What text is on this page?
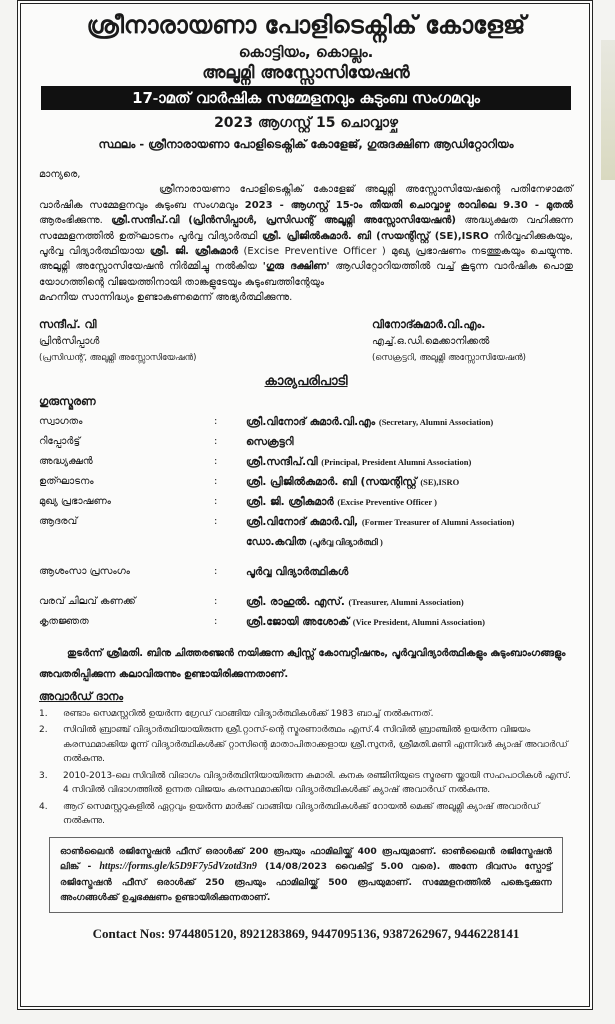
ശ്രീനാരായണാ പോളിടെക്നിക് കോളേജ്
കൊട്ടിയം, കൊല്ലം.
അലൂമ്നി അസ്സോസിയേഷൻ
17-ാമത് വാർഷിക സമ്മേളനവും കുടുംബ സംഗമവും
2023 ആഗസ്റ്റ് 15 ചൊവ്വാഴ്ച
സ്ഥലം - ശ്രീനാരായണാ പോളിടെക്നിക് കോളേജ്, ഗുരുദക്ഷിണ ആഡിറ്റോറിയം
മാന്യരെ,
ശ്രീനാരായണാ പോളിടെക്നിക് കോളേജ് അലൂമ്നി അസ്സോസിയേഷന്റെ പതിനേഴാമത് വാർഷിക സമ്മേളനവും കുടുംബ സംഗമവും 2023 - ആഗസ്റ്റ് 15-ാം തീയതി ചൊവ്വാഴ്ച രാവിലെ 9.30 - മുതൽ ആരംഭിക്കുന്നു. ശ്രീ.സന്ദീപ്.വി (പ്രിൻസിപ്പാൾ, പ്രസിഡന്റ് അലൂമ്നി അസ്സോസിയേഷൻ) അദ്ധ്യക്ഷത വഹിക്കുന്ന സമ്മേളനത്തിൽ ഉത്ഘാടനം പൂർവ്വ വിദ്യാർത്ഥി ശ്രീ. പ്രിജിൽകുമാർ. ബി (സയന്റിസ്റ്റ് (SE),ISRO നിർവ്വഹിക്കുകയും, പൂർവ്വ വിദ്യാർത്ഥിയായ ശ്രീ. ജി. ശ്രീകുമാർ (Excise Preventive Officer ) മുഖ്യ പ്രഭാഷണം നടത്തുകയും ചെയ്യുന്നു. അലൂമ്നി അസ്സോസിയേഷൻ നിർമ്മിച്ചു നൽകിയ 'ഗുരു ദക്ഷിണ' ആഡിറ്റോറിയത്തിൽ വച്ച് കൂടുന്ന വാർഷിക പൊതു യോഗത്തിന്റെ വിജയത്തിനായി താങ്കളുടേയും കുടുംബത്തിന്റേയും
മഹനീയ സാന്നിദ്ധ്യം ഉണ്ടാകണമെന്ന് അഭ്യർത്ഥിക്കുന്നു.
സന്ദീപ്. വി
പ്രിൻസിപ്പാൾ
(പ്രസിഡന്റ്, അലൂമ്നി അസ്സോസിയേഷൻ)
വിനോദ്കുമാർ.വി.എം.
എച്ച്.ഒ.ഡി.മെക്കാനിക്കൽ
(സെക്രട്ടറി, അലൂമ്നി അസ്സോസിയേഷൻ)
കാര്യപരിപാടി
ഗുരുസ്മരണ
സ്വാഗതം	:	ശ്രീ.വിനോദ് കുമാർ.വി.എം (Secretary, Alumni Association)
റിപ്പോർട്ട്	:	സെക്രട്ടറി
അദ്ധ്യക്ഷൻ	:	ശ്രീ.സന്ദീപ്.വി (Principal, President Alumni Association)
ഉത്ഘാടനം	:	ശ്രീ. പ്രിജിൽകുമാർ. ബി (സയന്റിസ്റ്റ് (SE),ISRO
മുഖ്യ പ്രഭാഷണം	:	ശ്രീ. ജി. ശ്രീകുമാർ (Excise Preventive Officer )
ആദരവ്	:	ശ്രീ.വിനോദ് കുമാർ.വി, (Former Treasurer of Alumni Association)
ഡോ.കവിത (പൂർവ്വ വിദ്യാർത്ഥി )
ആശംസാ പ്രസംഗം	:	പൂർവ്വ വിദ്യാർത്ഥികൾ
വരവ് ചിലവ് കണക്ക്	:	ശ്രീ. രാഹുൽ. എസ്. (Treasurer, Alumni Association)
കൃതജ്ഞത	:	ശ്രീ.ജോയി അശോക് (Vice President, Alumni Association)
തുടർന്ന് ശ്രീമതി. ബിനു ചിത്തരഞ്ജൻ നയിക്കുന്ന ക്വിസ്സ് കോമ്പറ്റീഷനും, പൂർവ്വവിദ്യാർത്ഥികളും കുടുംബാംഗങ്ങളും അവതരിപ്പിക്കുന്ന കലാവിരുന്നും ഉണ്ടായിരിക്കുന്നതാണ്.
അവാർഡ് ദാനം
1. രണ്ടാം സെമസ്റ്ററിൽ ഉയർന്ന ഗ്രേഡ് വാങ്ങിയ വിദ്യാർത്ഥികൾക്ക് 1983 ബാച്ച് നൽകുന്നത്.
2. സിവിൽ ബ്രാഞ്ച് വിദ്യാർത്ഥിയായിരുന്ന ശ്രീ.റ്റാസ്-ന്റെ സ്മരണാർത്ഥം എസ്.4 സിവിൽ ബ്രാഞ്ചിൽ ഉയർന്ന വിജയം കരസ്ഥമാക്കിയ മൂന്ന് വിദ്യാർത്ഥികൾക്ക് റ്റാസിന്റെ മാതാപിതാക്കളായ ശ്രീ.സുനർ, ശ്രീമതി.മണി എന്നിവർ ക്യാഷ് അവാർഡ് നൽകുന്നു.
3. 2010-2013-ലെ സിവിൽ വിഭാഗം വിദ്യാർത്ഥിനിയായിരുന്ന കുമാരി. കനക രഞ്ജിനിയുടെ സ്മരണ യ്ക്കായി സഹപാഠികൾ എസ്. 4 സിവിൽ വിഭാഗത്തിൽ ഉന്നത വിജയം കരസ്ഥമാക്കിയ വിദ്യാർത്ഥികൾക്ക് ക്യാഷ് അവാർഡ് നൽകുന്നു.
4. ആറ് സെമസ്റ്ററുകളിൽ ഏറ്റവും ഉയർന്ന മാർക്ക് വാങ്ങിയ വിദ്യാർത്ഥികൾക്ക് റോയൽ മെക്ക് അലൂമ്നി ക്യാഷ് അവാർഡ് നൽകുന്നു.
ഓൺലൈൻ രജിസ്ട്രേഷൻ ഫീസ് ഒരാൾക്ക് 200 രൂപയും ഫാമിലിയ്ക്ക് 400 രൂപയുമാണ്. ഓൺലൈൻ രജിസ്ട്രേഷൻ ലിങ്ക് - https://forms.gle/k5D9F7y5dVzotd3n9 (14/08/2023 വൈകിട്ട് 5.00 വരെ). അന്നേ ദിവസം സ്പോട്ട് രജിസ്ട്രേഷൻ ഫീസ് ഒരാൾക്ക് 250 രൂപയും ഫാമിലിയ്ക്ക് 500 രൂപയുമാണ്. സമ്മേളനത്തിൽ പങ്കെടുക്കുന്ന അംഗങ്ങൾക്ക് ഉച്ചഭക്ഷണം ഉണ്ടായിരിക്കുന്നതാണ്.
Contact Nos: 9744805120, 8921283869, 9447095136, 9387262967, 9446228141
